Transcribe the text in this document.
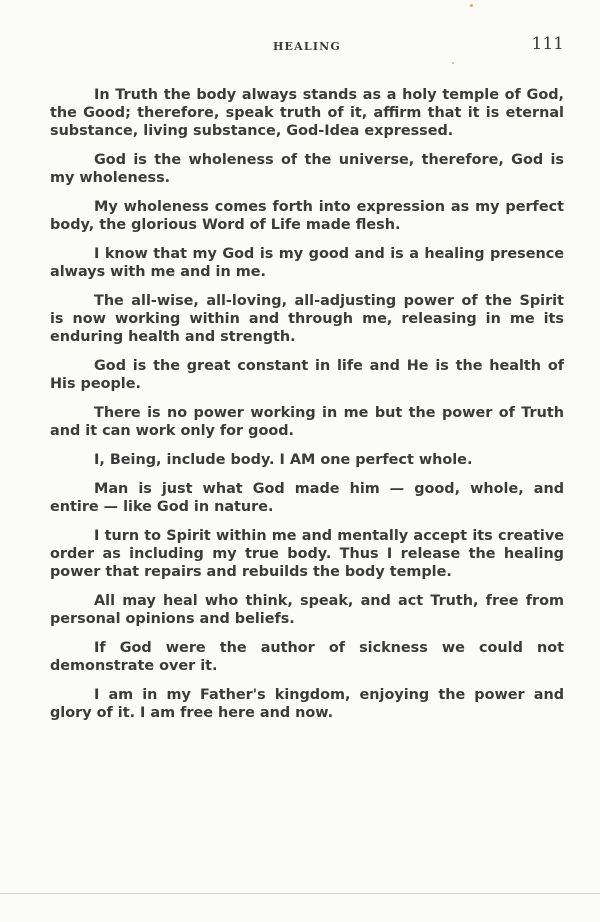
HEALING	111

In Truth the body always stands as a holy temple of God, the Good; therefore, speak truth of it, affirm that it is eternal substance, living substance, God-Idea expressed.

God is the wholeness of the universe, therefore, God is my wholeness.

My wholeness comes forth into expression as my perfect body, the glorious Word of Life made flesh.

I know that my God is my good and is a healing presence always with me and in me.

The all-wise, all-loving, all-adjusting power of the Spirit is now working within and through me, releasing in me its enduring health and strength.

God is the great constant in life and He is the health of His people.

There is no power working in me but the power of Truth and it can work only for good.

I, Being, include body. I AM one perfect whole.

Man is just what God made him — good, whole, and entire — like God in nature.

I turn to Spirit within me and mentally accept its creative order as including my true body. Thus I release the healing power that repairs and rebuilds the body temple.

All may heal who think, speak, and act Truth, free from personal opinions and beliefs.

If God were the author of sickness we could not demonstrate over it.

I am in my Father's kingdom, enjoying the power and glory of it. I am free here and now.
